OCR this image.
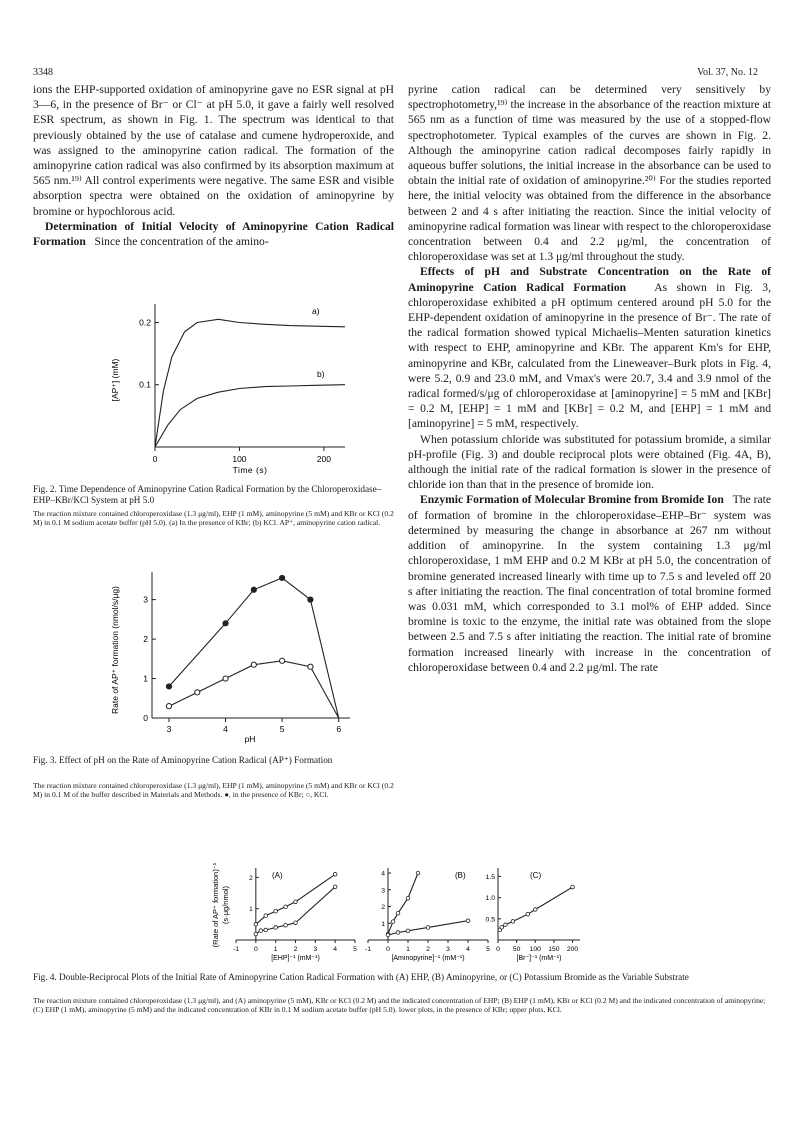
3348	Vol. 37, No. 12

ions the EHP-supported oxidation of aminopyrine gave no ESR signal at pH 3—6, in the presence of Br⁻ or Cl⁻ at pH 5.0, it gave a fairly well resolved ESR spectrum, as shown in Fig. 1. The spectrum was identical to that previously obtained by the use of catalase and cumene hydroperoxide, and was assigned to the aminopyrine cation radical. The formation of the aminopyrine cation radical was also confirmed by its absorption maximum at 565 nm.¹⁹⁾ All control experiments were negative. The same ESR and visible absorption spectra were obtained on the oxidation of aminopyrine by bromine or hypochlorous acid.

Determination of Initial Velocity of Aminopyrine Cation Radical Formation Since the concentration of the amino-

0	100	200
0.1
0.2
Time (s)
[AP⁺] (mM)
a)
b)
Fig. 2. Time Dependence of Aminopyrine Cation Radical Formation by the Chloroperoxidase–EHP–KBr/KCl System at pH 5.0
The reaction mixture contained chloroperoxidase (1.3 μg/ml), EHP (1 mM), aminopyrine (5 mM) and KBr or KCl (0.2 M) in 0.1 M sodium acetate buffer (pH 5.0). (a) In the presence of KBr; (b) KCl. AP⁺, aminopyrine cation radical.
3	4	5	6
0
1
2
3
pH
Rate of AP⁺ formation (nmol/s/μg)
Fig. 3. Effect of pH on the Rate of Aminopyrine Cation Radical (AP⁺) Formation
The reaction mixture contained chloroperoxidase (1.3 μg/ml), EHP (1 mM), aminopyrine (5 mM) and KBr or KCl (0.2 M) in 0.1 M of the buffer described in Materials and Methods. ●, in the presence of KBr; ○, KCl.

pyrine cation radical can be determined very sensitively by spectrophotometry,¹⁹⁾ the increase in the absorbance of the reaction mixture at 565 nm as a function of time was measured by the use of a stopped-flow spectrophotometer. Typical examples of the curves are shown in Fig. 2. Although the aminopyrine cation radical decomposes fairly rapidly in aqueous buffer solutions, the initial increase in the absorbance can be used to obtain the initial rate of oxidation of aminopyrine.²⁰⁾ For the studies reported here, the initial velocity was obtained from the difference in the absorbance between 2 and 4 s after initiating the reaction. Since the initial velocity of aminopyrine radical formation was linear with respect to the chloroperoxidase concentration between 0.4 and 2.2 μg/ml, the concentration of chloroperoxidase was set at 1.3 μg/ml throughout the study.

Effects of pH and Substrate Concentration on the Rate of Aminopyrine Cation Radical Formation As shown in Fig. 3, chloroperoxidase exhibited a pH optimum centered around pH 5.0 for the EHP-dependent oxidation of aminopyrine in the presence of Br⁻. The rate of the radical formation showed typical Michaelis–Menten saturation kinetics with respect to EHP, aminopyrine and KBr. The apparent Km's for EHP, aminopyrine and KBr, calculated from the Lineweaver–Burk plots in Fig. 4, were 5.2, 0.9 and 23.0 mM, and Vmax's were 20.7, 3.4 and 3.9 nmol of the radical formed/s/μg of chloroperoxidase at [aminopyrine] = 5 mM and [KBr] = 0.2 M, [EHP] = 1 mM and [KBr] = 0.2 M, and [EHP] = 1 mM and [aminopyrine] = 5 mM, respectively.

When potassium chloride was substituted for potassium bromide, a similar pH-profile (Fig. 3) and double reciprocal plots were obtained (Fig. 4A, B), although the initial rate of the radical formation is slower in the presence of chloride ion than that in the presence of bromide ion.

Enzymic Formation of Molecular Bromine from Bromide Ion The rate of formation of bromine in the chloroperoxidase–EHP–Br⁻ system was determined by measuring the change in absorbance at 267 nm without addition of aminopyrine. In the system containing 1.3 μg/ml chloroperoxidase, 1 mM EHP and 0.2 M KBr at pH 5.0, the concentration of bromine generated increased linearly with time up to 7.5 s and leveled off 20 s after initiating the reaction. The final concentration of total bromine formed was 0.031 mM, which corresponded to 3.1 mol% of EHP added. Since bromine is toxic to the enzyme, the initial rate was obtained from the slope between 2.5 and 7.5 s after initiating the reaction. The initial rate of bromine formation increased linearly with increase in the concentration of chloroperoxidase between 0.4 and 2.2 μg/ml. The rate

(Rate of AP⁺ formation)⁻¹ (s·μg/nmol)
-1 0 1 2 3 4 5
1
2 (A)
[EHP]⁻¹ (mM⁻¹)
-1 0 1 2 3 4 5
1
2
3
4	(B)
[Aminopyrine]⁻¹ (mM⁻¹)
0 50 100 150 200
0.5
1.0
1.5	(C)
[Br⁻]⁻¹ (mM⁻¹)
Fig. 4. Double-Reciprocal Plots of the Initial Rate of Aminopyrine Cation Radical Formation with (A) EHP, (B) Aminopyrine, or (C) Potassium Bromide as the Variable Substrate
The reaction mixture contained chloroperoxidase (1.3 μg/ml), and (A) aminopyrine (5 mM), KBr or KCl (0.2 M) and the indicated concentration of EHP; (B) EHP (1 mM), KBr or KCl (0.2 M) and the indicated concentration of aminopyrine; (C) EHP (1 mM), aminopyrine (5 mM) and the indicated concentration of KBr in 0.1 M sodium acetate buffer (pH 5.0). lower plots, in the presence of KBr; upper plots, KCl.
